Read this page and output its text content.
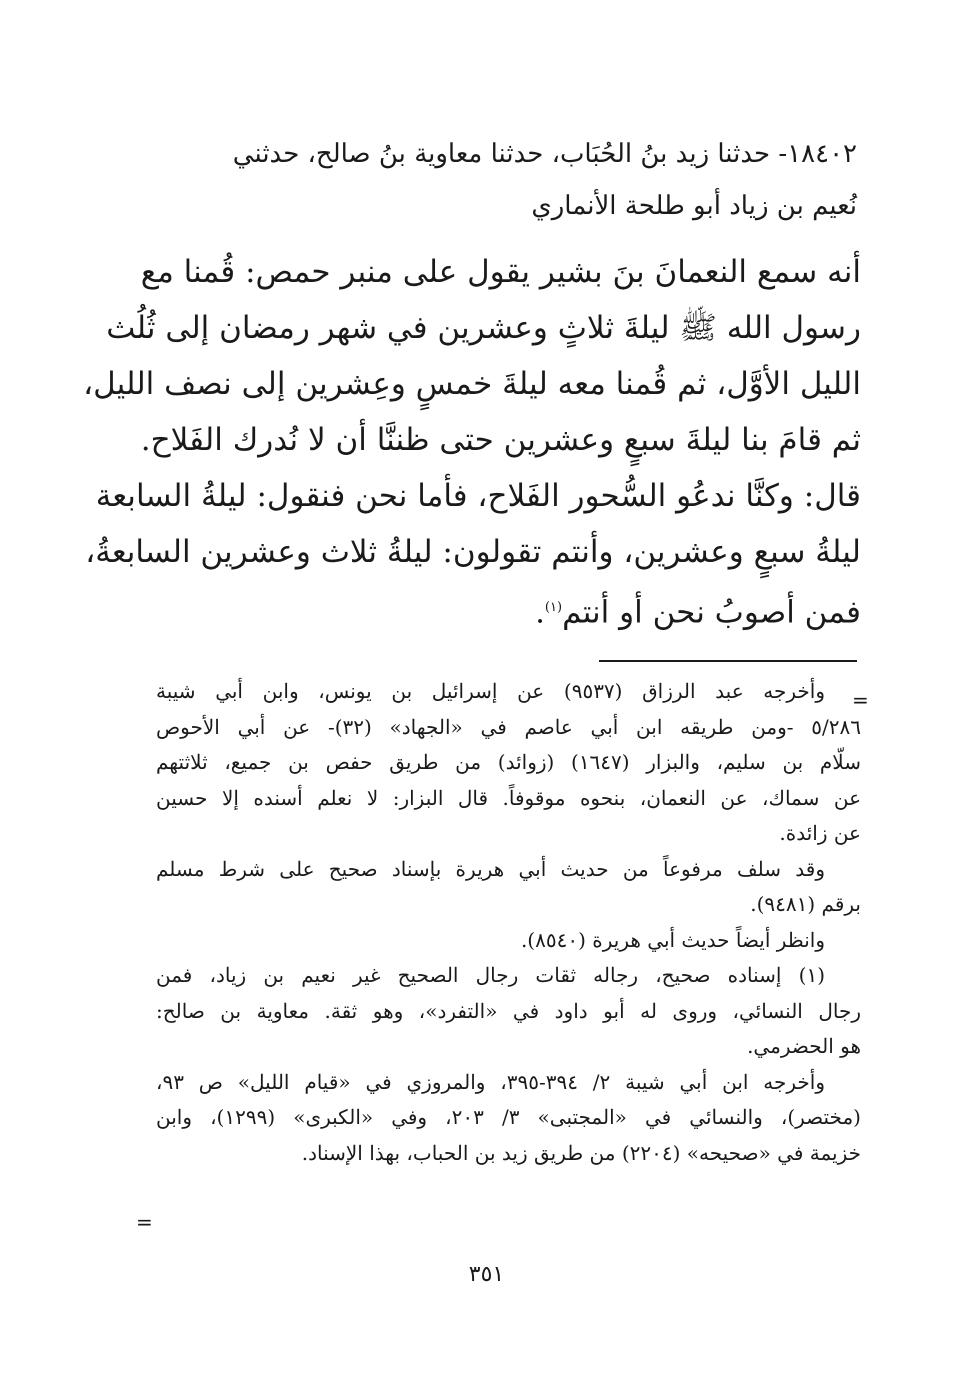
١٨٤٠٢- حدثنا زيد بنُ الحُبَاب، حدثنا معاوية بنُ صالح، حدثني
نُعيم بن زياد أبو طلحة الأنماري
أنه سمع النعمانَ بنَ بشير يقول على منبر حمص: قُمنا مع
رسول الله ﷺ ليلةَ ثلاثٍ وعشرين في شهر رمضان إلى ثُلُث
الليل الأوَّل، ثم قُمنا معه ليلةَ خمسٍ وعِشرين إلى نصف الليل،
ثم قامَ بنا ليلةَ سبعٍ وعشرين حتى ظننَّا أن لا نُدرك الفَلاح.
قال: وكنَّا ندعُو السُّحور الفَلاح، فأما نحن فنقول: ليلةُ السابعة
ليلةُ سبعٍ وعشرين، وأنتم تقولون: ليلةُ ثلاث وعشرين السابعةُ،
فمن أصوبُ نحن أو أنتم$^{(١)}$.
=
وأخرجه عبد الرزاق (٩٥٣٧) عن إسرائيل بن يونس، وابن أبي شيبة
٥/٢٨٦ -ومن طريقه ابن أبي عاصم في «الجهاد» (٣٢)- عن أبي الأحوص
سلّام بن سليم، والبزار (١٦٤٧) (زوائد) من طريق حفص بن جميع، ثلاثتهم
عن سماك، عن النعمان، بنحوه موقوفاً. قال البزار: لا نعلم أسنده إلا حسين
عن زائدة.
وقد سلف مرفوعاً من حديث أبي هريرة بإسناد صحيح على شرط مسلم
برقم (٩٤٨١).
وانظر أيضاً حديث أبي هريرة (٨٥٤٠).
(١) إسناده صحيح، رجاله ثقات رجال الصحيح غير نعيم بن زياد، فمن
رجال النسائي، وروى له أبو داود في «التفرد»، وهو ثقة. معاوية بن صالح:
هو الحضرمي.
وأخرجه ابن أبي شيبة ٢/ ٣٩٤-٣٩٥، والمروزي في «قيام الليل» ص ٩٣،
(مختصر)، والنسائي في «المجتبى» ٣/ ٢٠٣، وفي «الكبرى» (١٢٩٩)، وابن
خزيمة في «صحيحه» (٢٢٠٤) من طريق زيد بن الحباب، بهذا الإسناد.
=
٣٥١
